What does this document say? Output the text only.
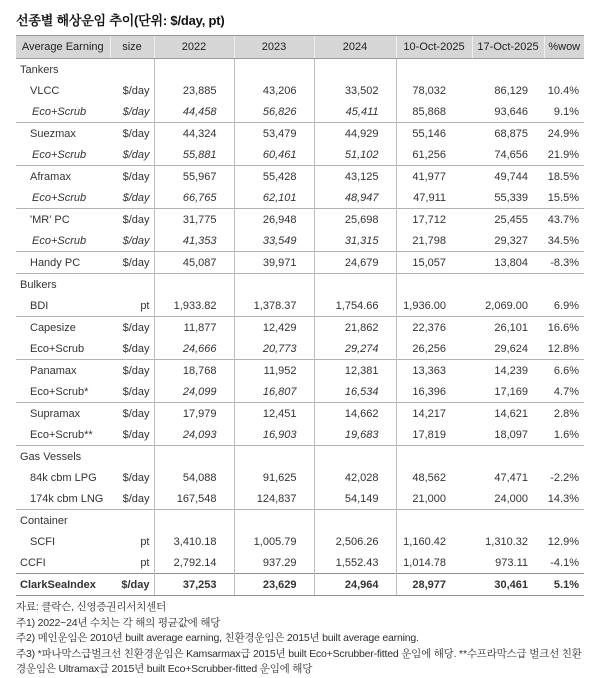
선종별 해상운임 추이(단위: $/day, pt)
Average Earning	size	2022	2023	2024	10-Oct-2025	17-Oct-2025	%wow
Tankers							
VLCC	$/day	23,885	43,206	33,502	78,032	86,129	10.4%
Eco+Scrub	$/day	44,458	56,826	45,411	85,868	93,646	9.1%
Suezmax	$/day	44,324	53,479	44,929	55,146	68,875	24.9%
Eco+Scrub	$/day	55,881	60,461	51,102	61,256	74,656	21.9%
Aframax	$/day	55,967	55,428	43,125	41,977	49,744	18.5%
Eco+Scrub	$/day	66,765	62,101	48,947	47,911	55,339	15.5%
'MR' PC	$/day	31,775	26,948	25,698	17,712	25,455	43.7%
Eco+Scrub	$/day	41,353	33,549	31,315	21,798	29,327	34.5%
Handy PC	$/day	45,087	39,971	24,679	15,057	13,804	-8.3%
Bulkers							
BDI	pt	1,933.82	1,378.37	1,754.66	1,936.00	2,069.00	6.9%
Capesize	$/day	11,877	12,429	21,862	22,376	26,101	16.6%
Eco+Scrub	$/day	24,666	20,773	29,274	26,256	29,624	12.8%
Panamax	$/day	18,768	11,952	12,381	13,363	14,239	6.6%
Eco+Scrub*	$/day	24,099	16,807	16,534	16,396	17,169	4.7%
Supramax	$/day	17,979	12,451	14,662	14,217	14,621	2.8%
Eco+Scrub**	$/day	24,093	16,903	19,683	17,819	18,097	1.6%
Gas Vessels							
84k cbm LPG	$/day	54,088	91,625	42,028	48,562	47,471	-2.2%
174k cbm LNG	$/day	167,548	124,837	54,149	21,000	24,000	14.3%
Container							
SCFI	pt	3,410.18	1,005.79	2,506.26	1,160.42	1,310.32	12.9%
CCFI	pt	2,792.14	937.29	1,552.43	1,014.78	973.11	-4.1%
ClarkSeaIndex	$/day	37,253	23,629	24,964	28,977	30,461	5.1%
자료: 클락슨, 신영증권리서치센터
주1) 2022~24년 수치는 각 해의 평균값에 해당
주2) 메인운임은 2010년 built average earning, 친환경운임은 2015년 built average earning.
주3) *파나막스급벌크선 친환경운임은 Kamsarmax급 2015년 built Eco+Scrubber-fitted 운임에 해당. **수프라막스급 벌크선 친환경운임은 Ultramax급 2015년 built Eco+Scrubber-fitted 운임에 해당
